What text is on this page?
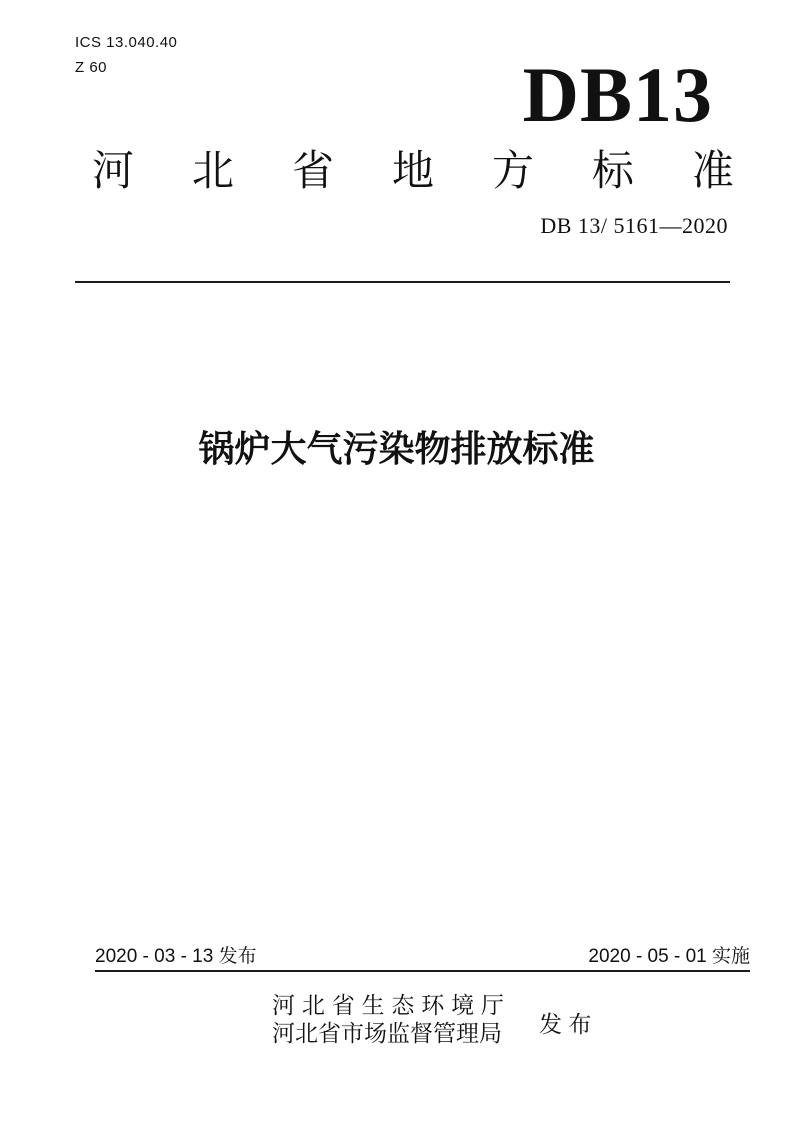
ICS 13.040.40
Z 60	DB13
河 北 省 地 方 标 准
DB 13/ 5161—2020
锅炉大气污染物排放标准
2020 - 03 - 13 发布	2020 - 05 - 01 实施
河 北 省 生 态 环 境 厅
河北省市场监督管理局 发 布
